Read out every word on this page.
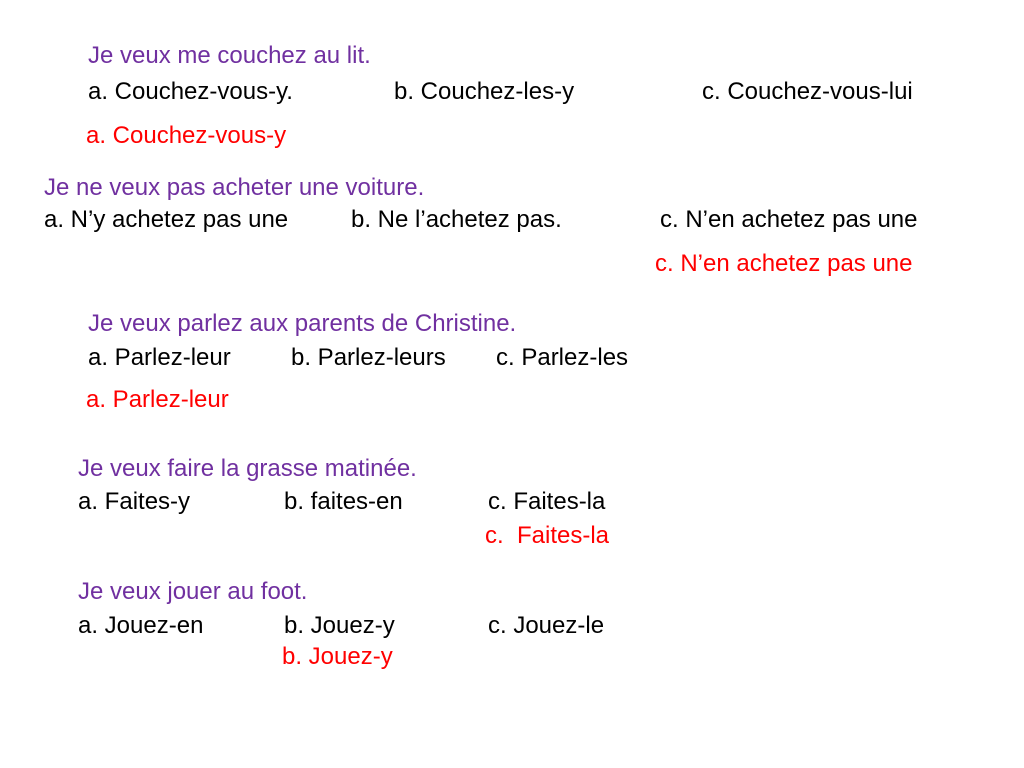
Je veux me couchez au lit.
a. Couchez-vous-y.	b. Couchez-les-y	c. Couchez-vous-lui
a. Couchez-vous-y
Je ne veux pas acheter une voiture.
a. N’y achetez pas une	b. Ne l’achetez pas.	c. N’en achetez pas une
c. N’en achetez pas une
Je veux parlez aux parents de Christine.
a. Parlez-leur	b. Parlez-leurs c. Parlez-les
a. Parlez-leur
Je veux faire la grasse matinée.
a. Faites-y	b. faites-en	c. Faites-la
c.  Faites-la
Je veux jouer au foot.
a. Jouez-en	b. Jouez-y	c. Jouez-le
b. Jouez-y
